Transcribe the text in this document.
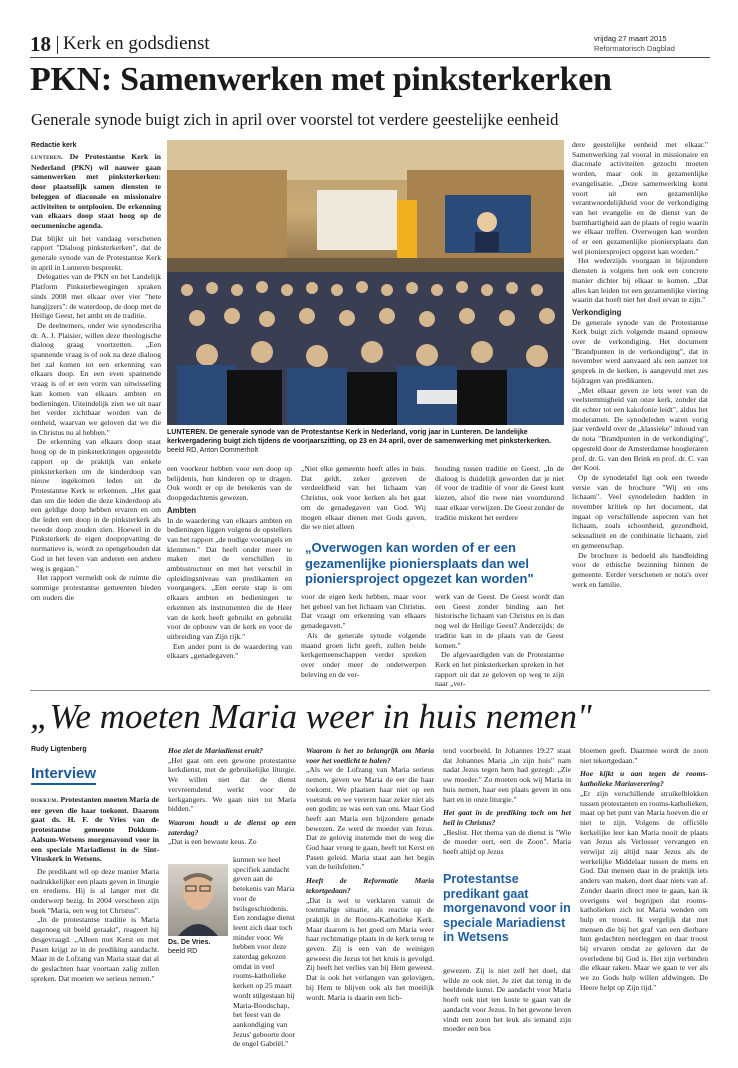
18 Kerk en godsdienst	vrijdag 27 maart 2015
Reformatorisch Dagblad
PKN: Samenwerken met pinksterkerken
Generale synode buigt zich in april over voorstel tot verdere geestelijke eenheid
Redactie kerk

lunteren. De Protestantse Kerk in Nederland (PKN) wil nauwer gaan samenwerken met pinksterkerken: door plaatselijk samen diensten te beleggen of diaconale en missionaire activiteiten te ontplooien. De erkenning van elkaars doop staat hoog op de oecumenische agenda.

Dat blijkt uit het vandaag verschenen rapport "Dialoog pinksterkerken", dat de generale synode van de Protestantse Kerk in april in Lunteren bespreekt.

Delegaties van de PKN en het Landelijk Platform Pinksterbewegingen spraken sinds 2008 met elkaar over vier "hete hangijzers": de waterdoop, de doop met de Heilige Geest, het ambt en de traditie.

De deelnemers, onder wie synodescriba dr. A. J. Plaisier, willen deze theologische dialoog graag voortzetten. „Een spannende vraag is of ook na deze dialoog het zal komen tot een erkenning van elkaars doop. En een even spannende vraag is of er een vorm van uitwisseling kan komen van elkaars ambten en bedieningen. Uiteindelijk zien we uit naar het verder zichtbaar worden van de eenheid, waarvan we geloven dat we die in Christus nu al hebben."

De erkenning van elkaars doop staat hoog op de in pinksterkringen opgestelde rapport op de praktijk van enkele pinksterkerken om de kinderdoop van nieuw ingekomen leden uit de Protestantse Kerk te erkennen. „Het gaat dan om die leden die deze kinderdoop als een geldige doop hebben ervaren en om die leden een doop in de pinksterkerk als tweede doop zouden zien. Hoewel in de Pinksterkerk de eigen doopopvatting de normatieve is, wordt zo opengehouden dat God in het leven van anderen een andere weg is gegaan."

Het rapport vermeldt ook de ruimte die sommige protestantse gemeenten bieden om ouders die

LUNTEREN. De generale synode van de Protestantse Kerk in Nederland, vorig jaar in Lunteren. De landelijke kerkvergadering buigt zich tijdens de voorjaarszitting, op 23 en 24 april, over de samenwerking met pinksterkerken. beeld RD, Anton Dommerholt

een voorkeur hebben voor een doop op belijdenis, hun kinderen op te dragen. Ook wordt er op de betekenis van de doopgedachtenis gewezen.

Ambten

In de waardering van elkaars ambten en bedieningen liggen volgens de opstellers van het rapport „de nodige voetangels en klemmen." Dat heeft onder meer te maken met de verschillen in ambtsstructuur en met het verschil in opleidingsniveau van predikanten en voorgangers. „Een eerste stap is om elkaars ambten en bedieningen te erkennen als instrumenten die de Heer van de kerk heeft gebruikt en gebruikt voor de opbouw van de kerk en voor de uitbreiding van Zijn rijk."

Een ander punt is de waardering van elkaars „genadegaven."

„Niet elke gemeente heeft alles in huis. Dat geldt, zeker gezeven de verdeeldheid van het lichaam van Christus, ook voor kerken als het gaat om de genadegaven van God. Wij mogen elkaar dienen met Gods gaven, die we niet alleen

houding tussen traditie en Geest. „In de dialoog is duidelijk geworden dat je niet óf voor de traditie óf voor de Geest kunt kiezen, alsof die twee niet voortdurend naar elkaar verwijzen. De Geest zonder de traditie miskent het eerdere

„Overwogen kan worden of er een gezamenlijke pioniersplaats dan wel pioniersproject opgezet kan worden"

voor de eigen kerk hebben, maar voor het geheel van het lichaam van Christus. Dat vraagt om erkenning van elkaars genadegaven."

Als de generale synode volgende maand groen licht geeft, zullen beide kerkgemeenschappen verder spreken over onder meer de onderwerpen beleving en de ver-

werk van de Geest. De Geest wordt dan een Geest zonder binding aan het historische lichaam van Christus en is dan nog wel de Heilige Geest? Anderzijds: de traditie kan in de plaats van de Geest komen."

De afgevaardigden van de Protestantse Kerk en het pinksterkerken spreken in het rapport uit dat ze geloven op weg te zijn naar „ver-

dere geestelijke eenheid met elkaar." Samenwerking zal vooral in missionaire en diaconale activiteiten gezocht moeten worden, maar ook in gezamenlijke evangelisatie. „Deze samenwerking komt voort uit een gezamenlijke verantwoordelijkheid voor de verkondiging van het evangelie en de dienst van de barmhartigheid aan de plaats of regio waarin we elkaar treffen. Overwogen kan worden of er een gezamenlijke pioniersplaats dan wel pioniersproject opgezet kan worden."

Het wederzijds voorgaan in bijzondere diensten is volgens hen ook een concrete manier dichter bij elkaar te komen. „Dat alles kan leiden tot een gezamenlijke viering waarin dat hoeft niet het doel ervan te zijn."

Verkondiging

De generale synode van de Protestantse Kerk buigt zich volgende maand opnieuw over de verkondiging. Het document "Brandpunten in de verkondiging", dat in november werd aanvaard als een aanzet tot gesprek in de kerken, is aangevuld met zes bijdragen van predikanten.

„Met elkaar geven ze iets weer van de veelstemmigheid van onze kerk, zonder dat dit echter tot een kakofonie leidt", aldus het moderamen. De synodeleden waren vorig jaar verdeeld over de „klassieke" inhoud van de nota "Brandpunten in de verkondiging", opgesteld door de Amsterdamse hoogleraren prof. dr. G. van den Brink en prof. dr. C. van der Kooi.

Op de synodetafel ligt ook een tweede versie van de brochure "Wij en ons lichaam". Veel synodeleden hadden in november kritiek op het document, dat ingaat op verschillende aspecten van het lichaam, zoals schoonheid, gezondheid, seksualiteit en de combinatie lichaam, ziel en gemeenschap.

De brochure is bedoeld als handleiding voor de ethische bezinning binnen de gemeente. Eerder verschenen er nota's over werk en familie.

„We moeten Maria weer in huis nemen"
Rudy Ligtenberg
Interview

dokkum. Protestanten moeten Maria de eer geven die haar toekomt. Daarom gaat ds. H. F. de Vries van de protestantse gemeente Dokkum-Aalsum-Wetsens morgenavond voor in een speciale Mariadienst in de Sint-Vituskerk in Wetsens.

De predikant wil op deze manier Maria nadrukkelijker een plaats geven in liturgie en erediens. Hij is al langer met dit onderwerp bezig. In 2004 verscheen zijn boek "Maria, een weg tot Christus".

„In de protestantse traditie is Maria nagenoeg uit beeld geraakt", reageert hij desgevraagd. „Alleen met Kerst en met Pasen krijgt ze in de prediking aandacht. Maar in de Lofzang van Maria staat dat al de geslachten haar voortaan zalig zullen spreken. Dat moeten we serieus nemen."

Hoe ziet de Mariadienst eruit?

„Het gaat om een gewone protestantse kerkdienst, met de gebruikelijke liturgie. We willen niet dat de dienst vervreemdend werkt voor de kerkgangers. We gaan niet tot Maria bidden."

Waarom houdt u de dienst op een zaterdag?

„Dat is een bewuste keus. Zo

Ds. De Vries.
beeld RD

kunnen we heel specifiek aandacht geven aan de betekenis van Maria voor de heilsgeschiedenis. Een zondagse dienst leent zich daar toch minder voor. We hebben voor deze zaterdag gekozen omdat in veel rooms-katholieke kerken op 25 maart wordt stilgestaan bij Maria-Boodschap, het feest van de aankondiging van Jezus' geboorte door de engel Gabriël."

Waarom is het zo belangrijk om Maria voor het voetlicht te halen?

„Als we de Lofzang van Maria serieus nemen, geven we Maria de eer die haar toekomt. We plaatsen haar niet op een voetstuk en we vereren haar zeker niet als een godin; ze was een van ons. Maar God heeft aan Maria een bijzondere genade bewezen. Ze werd de moeder van Jezus. Dat ze gelovig instemde met de weg die God haar vroeg te gaan, heeft tot Kerst en Pasen geleid. Maria staat aan het begin van de heilsfeiten."

Heeft de Reformatie Maria tekortgedaan?

„Dat is wel te verklaren vanuit de toenmalige situatie, als reactie op de praktijk in de Rooms-Katholieke Kerk. Maar daarom is het goed om Maria weer haar rechtmatige plaats in de kerk terug te geven. Zij is een van de weinigen geweest die Jezus tot het kruis is gevolgd. Zij heeft het verlies van bij Hem geweest. Dat is ook het verlangen van gelovigen, bij Hem te blijven ook als het moeilijk wordt. Maria is daarin een lich-

tend voorbeeld. In Johannes 19:27 staat dat Johannes Maria „in zijn huis" nam nadat Jezus tegen hem had gezegd: „Zie uw moeder." Zo moeten ook wij Maria in huis nemen, haar een plaats geven in ons hart en in onze liturgie."

Het gaat in de prediking toch om het heil in Christus?

„Beslist. Het thema van de dienst is "Wie de moeder eert, eert de Zoon". Maria heeft altijd op Jezus

Protestantse predikant gaat morgenavond voor in speciale Mariadienst in Wetsens

gewezen. Zij is niet zelf het doel, dat wilde ze ook niet. Je ziet dat terug in de beeldende kunst. De aandacht voor Maria hoeft ook niet ten koste te gaan van de aandacht voor Jezus. In het gewone leven vindt een zoon het leuk als iemand zijn moeder een bos

bloemen geeft. Daarmee wordt de zoon niet tekortgedaan."

Hoe kijkt u aan tegen de rooms-katholieke Mariaverering?

„Er zijn verschillende struikelblokken tussen protestanten en rooms-katholieken, maar op het punt van Maria hoeven die er niet te zijn. Volgens de officiële kerkelijke leer kan Maria nooit de plaats van Jezus als Verlosser vervangen en verwijst zij altijd naar Jezus als de werkelijke Middelaar tussen de mens en God. Dat mensen daar in de praktijk iets anders van maken, doet daar niets van af. Zonder daarin direct mee te gaan, kan ik overigens wel begrijpen dat rooms-katholieken zich tot Maria wenden om hulp en troost. Ik vergelijk dat met mensen die bij het graf van een dierbare hun gedachten neerleggen en daar troost bij ervaren omdat ze geloven dat de overledene bij God is. Het zijn verbinden die elkaar raken. Maar we gaan te ver als we zo Gods hulp willen afdwingen. De Heere helpt op Zijn tijd."
